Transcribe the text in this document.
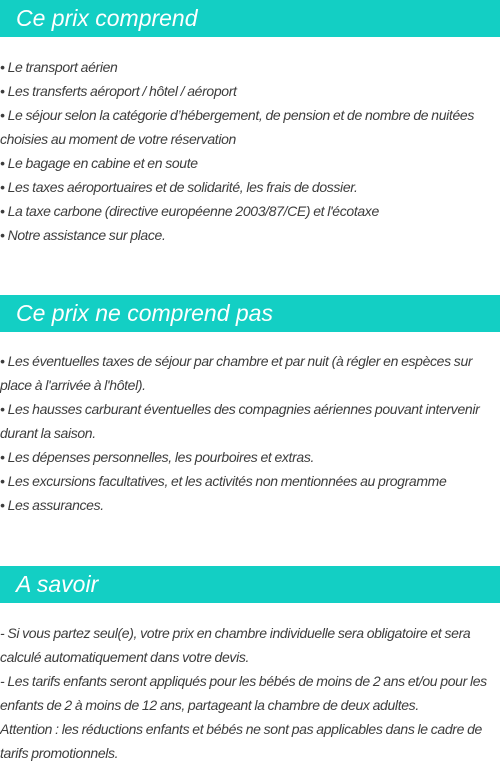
Ce prix comprend
• Le transport aérien
• Les transferts aéroport / hôtel / aéroport
• Le séjour selon la catégorie d’hébergement, de pension et de nombre de nuitées choisies au moment de votre réservation
• Le bagage en cabine et en soute
• Les taxes aéroportuaires et de solidarité, les frais de dossier.
• La taxe carbone (directive européenne 2003/87/CE) et l'écotaxe
• Notre assistance sur place.
Ce prix ne comprend pas
• Les éventuelles taxes de séjour par chambre et par nuit (à régler en espèces sur place à l'arrivée à l'hôtel).
• Les hausses carburant éventuelles des compagnies aériennes pouvant intervenir durant la saison.
• Les dépenses personnelles, les pourboires et extras.
• Les excursions facultatives, et les activités non mentionnées au programme
• Les assurances.
A savoir
- Si vous partez seul(e), votre prix en chambre individuelle sera obligatoire et sera calculé automatiquement dans votre devis.
- Les tarifs enfants seront appliqués pour les bébés de moins de 2 ans et/ou pour les enfants de 2 à moins de 12 ans, partageant la chambre de deux adultes.
Attention : les réductions enfants et bébés ne sont pas applicables dans le cadre de tarifs promotionnels.
